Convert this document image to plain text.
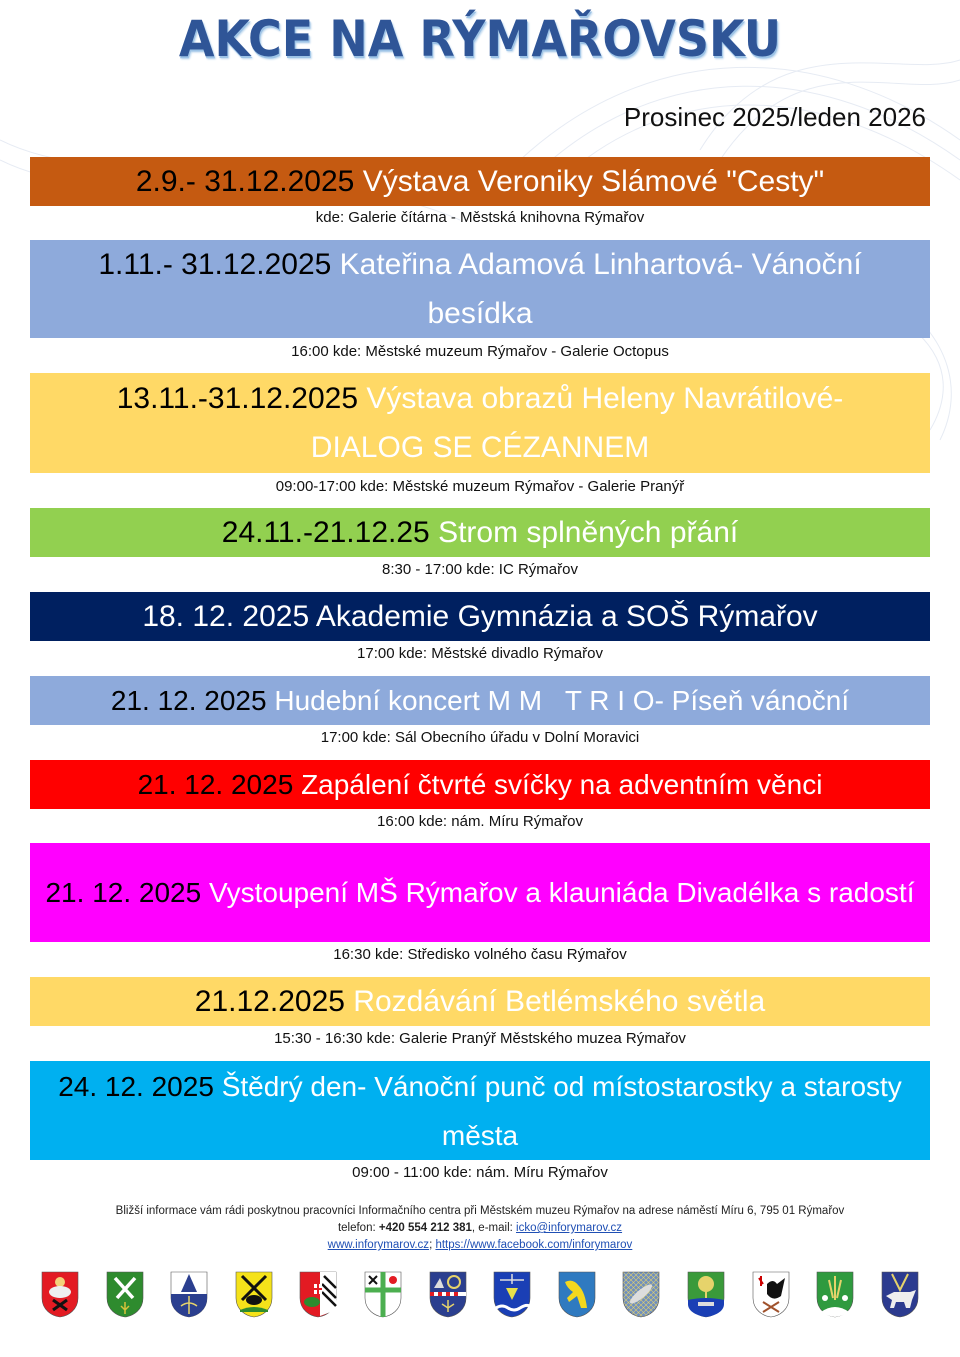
AKCE NA RÝMAŘOVSKU
Prosinec 2025/leden 2026
2.9.- 31.12.2025 Výstava Veroniky Slámové "Cesty"
kde: Galerie čítárna - Městská knihovna Rýmařov
1.11.- 31.12.2025 Kateřina Adamová Linhartová- Vánoční besídka
16:00 kde: Městské muzeum Rýmařov - Galerie Octopus
13.11.-31.12.2025 Výstava obrazů Heleny Navrátilové- DIALOG SE CÉZANNEM
09:00-17:00 kde: Městské muzeum Rýmařov - Galerie Pranýř
24.11.-21.12.25 Strom splněných přání
8:30 - 17:00 kde: IC Rýmařov
18. 12. 2025 Akademie Gymnázia a SOŠ Rýmařov
17:00 kde: Městské divadlo Rýmařov
21. 12. 2025 Hudební koncert M M   T R I O- Píseň vánoční
17:00 kde: Sál Obecního úřadu v Dolní Moravici
21. 12. 2025 Zapálení čtvrté svíčky na adventním věnci
16:00 kde: nám. Míru Rýmařov
21. 12. 2025 Vystoupení MŠ Rýmařov a klauniáda Divadélka s radostí
16:30 kde: Středisko volného času Rýmařov
21.12.2025 Rozdávání Betlémského světla
15:30 - 16:30 kde: Galerie Pranýř Městského muzea Rýmařov
24. 12. 2025 Štědrý den- Vánoční punč od místostarostky a starosty města
09:00 - 11:00 kde: nám. Míru Rýmařov
Bližší informace vám rádi poskytnou pracovníci Informačního centra při Městském muzeu Rýmařov na adrese náměstí Míru 6, 795 01 Rýmařov
telefon: +420 554 212 381, e-mail: icko@inforymarov.cz
www.inforymarov.cz; https://www.facebook.com/inforymarov
